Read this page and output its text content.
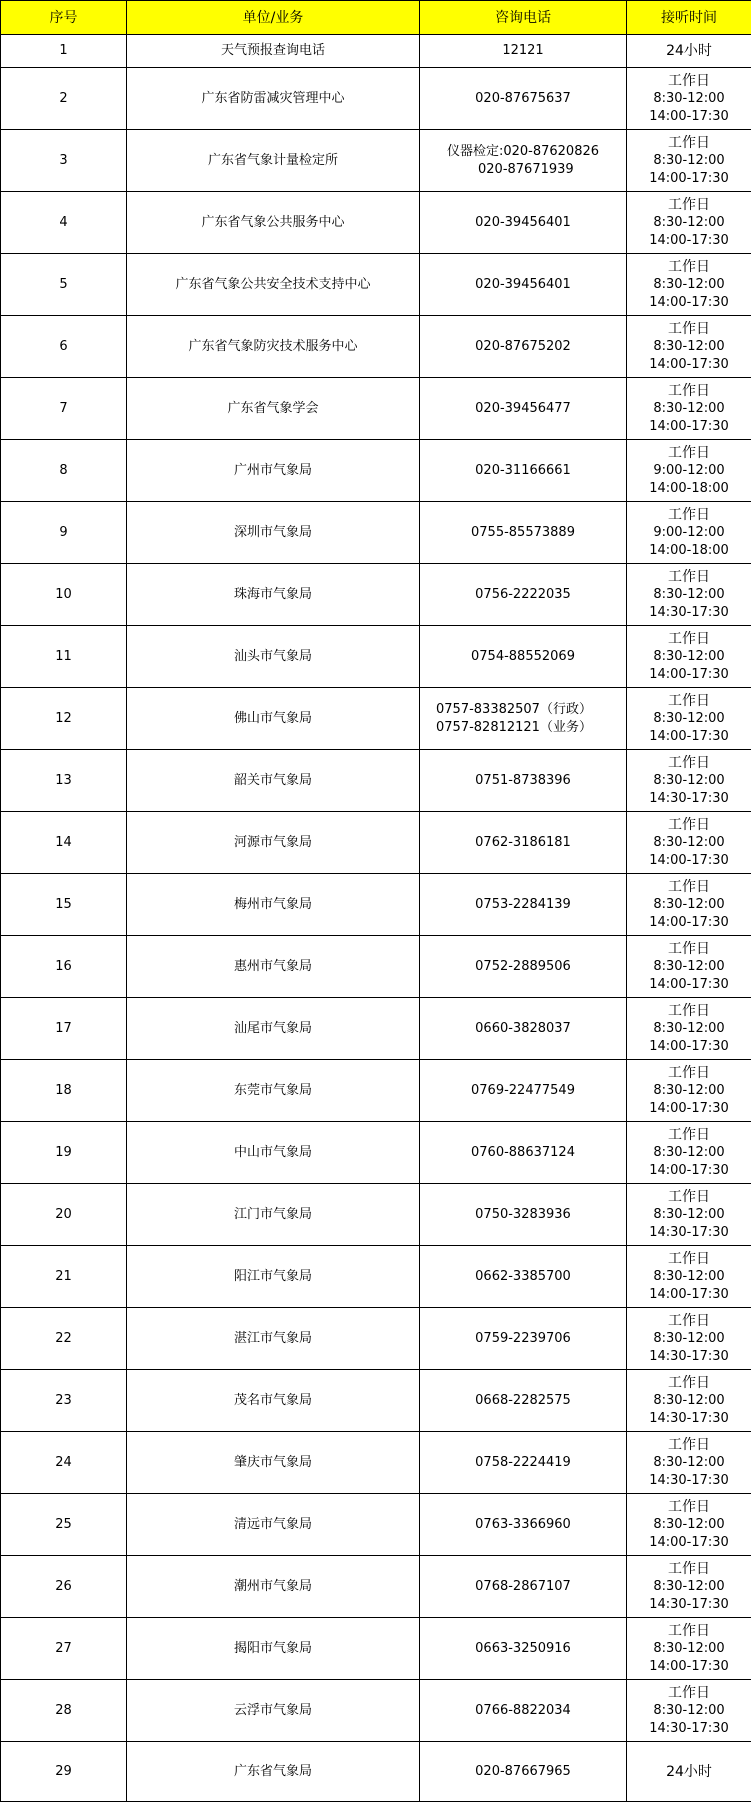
序号	单位/业务	咨询电话	接听时间
1	天气预报查询电话	12121	24小时

2	广东省防雷减灾管理中心	020-87675637	工作日
8:30-12:00
14:00-17:30

3	广东省气象计量检定所	仪器检定:020-87620826
020-87671939	工作日
8:30-12:00
14:00-17:30

4	广东省气象公共服务中心	020-39456401	工作日
8:30-12:00
14:00-17:30

5	广东省气象公共安全技术支持中心	020-39456401	工作日
8:30-12:00
14:00-17:30

6	广东省气象防灾技术服务中心	020-87675202	工作日
8:30-12:00
14:00-17:30

7	广东省气象学会	020-39456477	工作日
8:30-12:00
14:00-17:30

8	广州市气象局	020-31166661	工作日
9:00-12:00
14:00-18:00

9	深圳市气象局	0755-85573889	工作日
9:00-12:00
14:00-18:00

10	珠海市气象局	0756-2222035	工作日
8:30-12:00
14:30-17:30

11	汕头市气象局	0754-88552069	工作日
8:30-12:00
14:00-17:30

12	佛山市气象局	0757-83382507（行政）
0757-82812121（业务）	工作日
8:30-12:00
14:00-17:30

13	韶关市气象局	0751-8738396	工作日
8:30-12:00
14:30-17:30

14	河源市气象局	0762-3186181	工作日
8:30-12:00
14:00-17:30

15	梅州市气象局	0753-2284139	工作日
8:30-12:00
14:00-17:30

16	惠州市气象局	0752-2889506	工作日
8:30-12:00
14:00-17:30

17	汕尾市气象局	0660-3828037	工作日
8:30-12:00
14:00-17:30

18	东莞市气象局	0769-22477549	工作日
8:30-12:00
14:00-17:30

19	中山市气象局	0760-88637124	工作日
8:30-12:00
14:00-17:30

20	江门市气象局	0750-3283936	工作日
8:30-12:00
14:30-17:30

21	阳江市气象局	0662-3385700	工作日
8:30-12:00
14:00-17:30

22	湛江市气象局	0759-2239706	工作日
8:30-12:00
14:30-17:30

23	茂名市气象局	0668-2282575	工作日
8:30-12:00
14:30-17:30

24	肇庆市气象局	0758-2224419	工作日
8:30-12:00
14:30-17:30

25	清远市气象局	0763-3366960	工作日
8:30-12:00
14:00-17:30

26	潮州市气象局	0768-2867107	工作日
8:30-12:00
14:30-17:30

27	揭阳市气象局	0663-3250916	工作日
8:30-12:00
14:00-17:30

28	云浮市气象局	0766-8822034	工作日
8:30-12:00
14:30-17:30

29	广东省气象局	020-87667965	24小时
